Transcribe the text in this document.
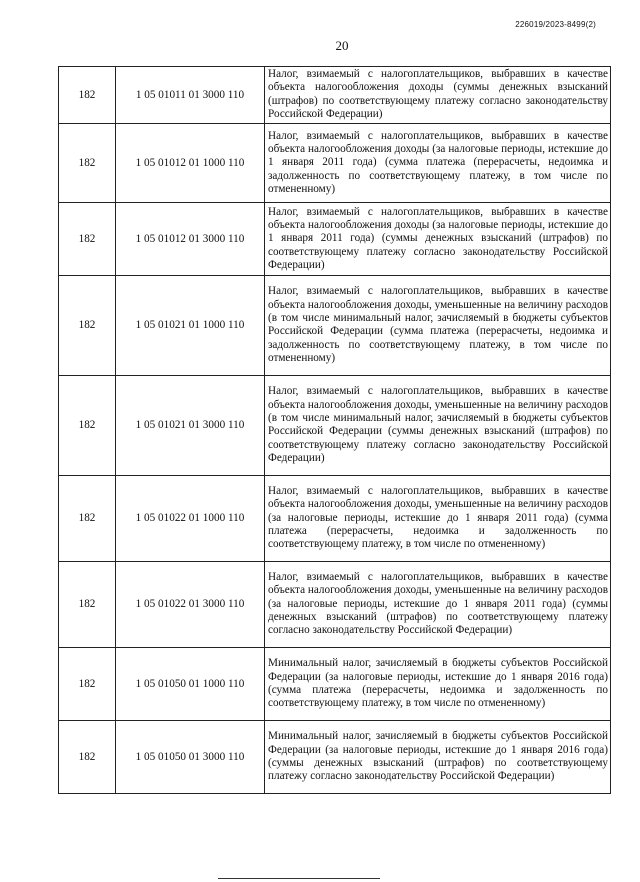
226019/2023-8499(2)
20
182	1 05 01011 01 3000 110	Налог, взимаемый с налогоплательщиков, выбравших в качестве объекта налогообложения доходы (суммы денежных взысканий (штрафов) по соответствующему платежу согласно законодательству Российской Федерации)
182	1 05 01012 01 1000 110	Налог, взимаемый с налогоплательщиков, выбравших в качестве объекта налогообложения доходы (за налоговые периоды, истекшие до 1 января 2011 года) (сумма платежа (перерасчеты, недоимка и задолженность по соответствующему платежу, в том числе по отмененному)
182	1 05 01012 01 3000 110	Налог, взимаемый с налогоплательщиков, выбравших в качестве объекта налогообложения доходы (за налоговые периоды, истекшие до 1 января 2011 года) (суммы денежных взысканий (штрафов) по соответствующему платежу согласно законодательству Российской Федерации)
182	1 05 01021 01 1000 110	Налог, взимаемый с налогоплательщиков, выбравших в качестве объекта налогообложения доходы, уменьшенные на величину расходов (в том числе минимальный налог, зачисляемый в бюджеты субъектов Российской Федерации (сумма платежа (перерасчеты, недоимка и задолженность по соответствующему платежу, в том числе по отмененному)
182	1 05 01021 01 3000 110	Налог, взимаемый с налогоплательщиков, выбравших в качестве объекта налогообложения доходы, уменьшенные на величину расходов (в том числе минимальный налог, зачисляемый в бюджеты субъектов Российской Федерации (суммы денежных взысканий (штрафов) по соответствующему платежу согласно законодательству Российской Федерации)
182	1 05 01022 01 1000 110	Налог, взимаемый с налогоплательщиков, выбравших в качестве объекта налогообложения доходы, уменьшенные на величину расходов (за налоговые периоды, истекшие до 1 января 2011 года) (сумма платежа (перерасчеты, недоимка и задолженность по соответствующему платежу, в том числе по отмененному)
182	1 05 01022 01 3000 110	Налог, взимаемый с налогоплательщиков, выбравших в качестве объекта налогообложения доходы, уменьшенные на величину расходов (за налоговые периоды, истекшие до 1 января 2011 года) (суммы денежных взысканий (штрафов) по соответствующему платежу согласно законодательству Российской Федерации)
182	1 05 01050 01 1000 110	Минимальный налог, зачисляемый в бюджеты субъектов Российской Федерации (за налоговые периоды, истекшие до 1 января 2016 года) (сумма платежа (перерасчеты, недоимка и задолженность по соответствующему платежу, в том числе по отмененному)
182	1 05 01050 01 3000 110	Минимальный налог, зачисляемый в бюджеты субъектов Российской Федерации (за налоговые периоды, истекшие до 1 января 2016 года) (суммы денежных взысканий (штрафов) по соответствующему платежу согласно законодательству Российской Федерации)
